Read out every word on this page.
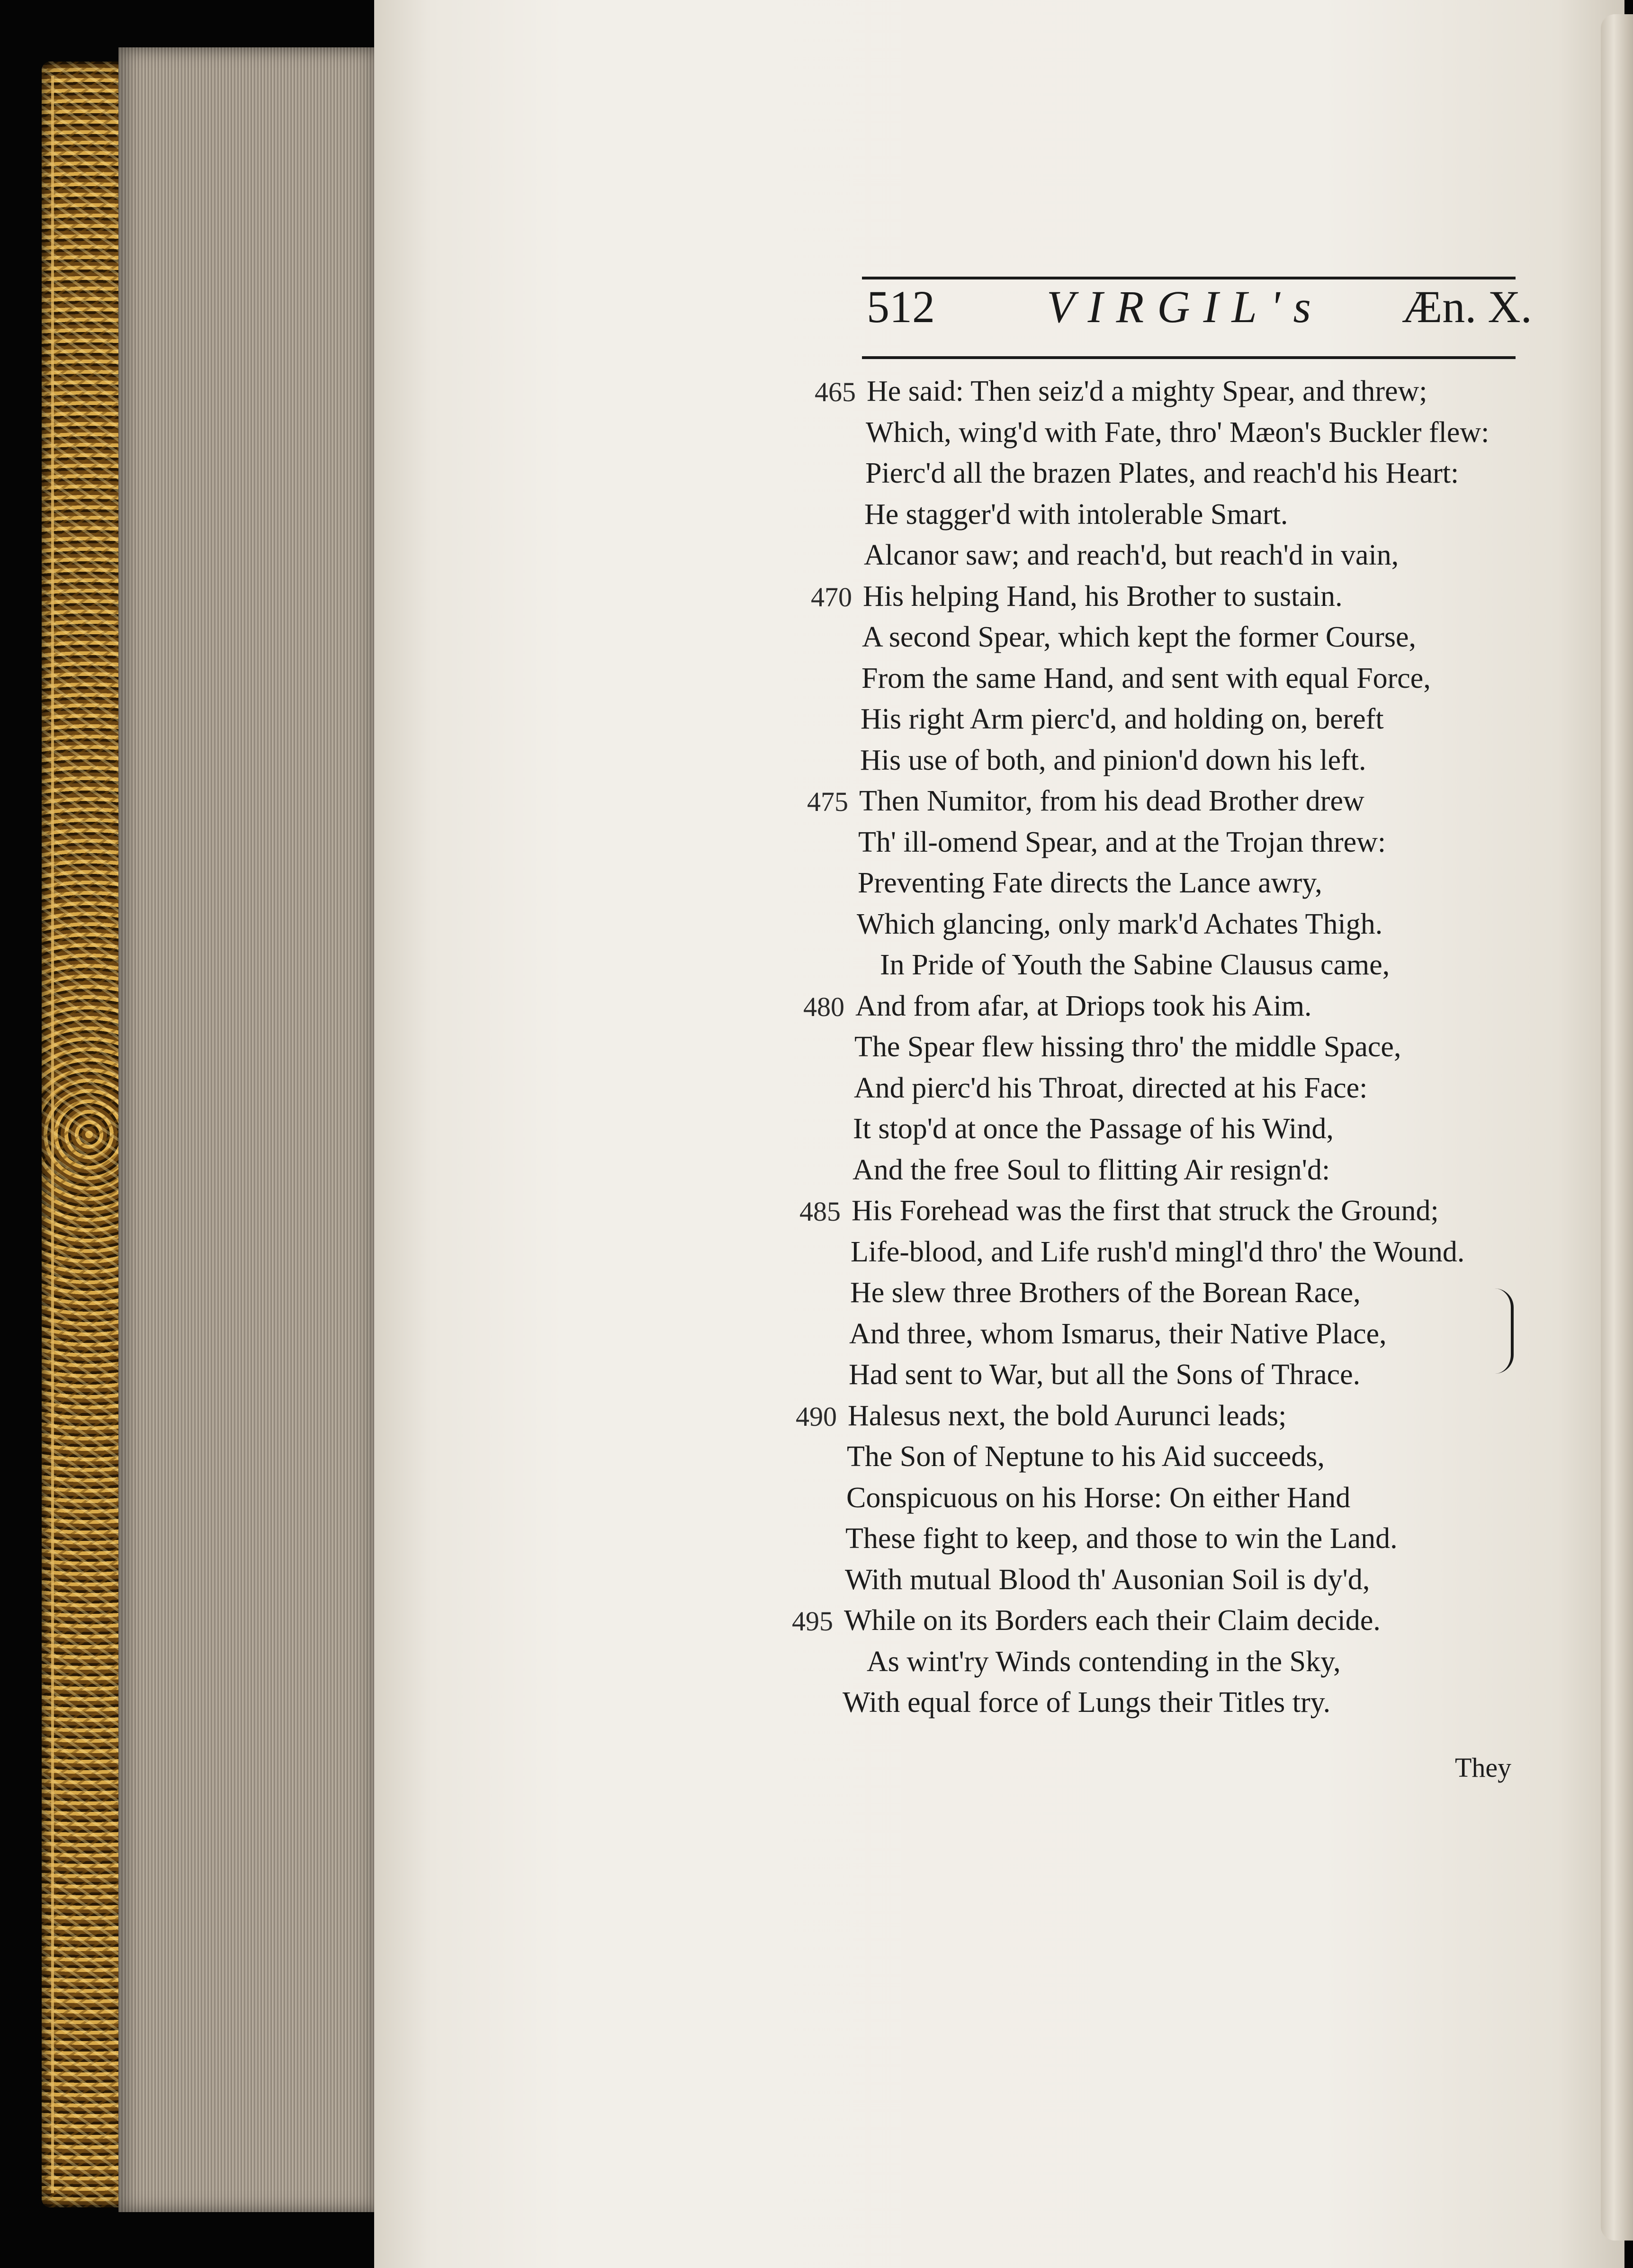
512 VIRGIL's Æn. X.
465 He said: Then seiz'd a mighty Spear, and threw;
Which, wing'd with Fate, thro' Mæon's Buckler flew:
Pierc'd all the brazen Plates, and reach'd his Heart:
He stagger'd with intolerable Smart.
Alcanor saw; and reach'd, but reach'd in vain,
470 His helping Hand, his Brother to sustain.
A second Spear, which kept the former Course,
From the same Hand, and sent with equal Force,
His right Arm pierc'd, and holding on, bereft
His use of both, and pinion'd down his left.
475 Then Numitor, from his dead Brother drew
Th' ill-omend Spear, and at the Trojan threw:
Preventing Fate directs the Lance awry,
Which glancing, only mark'd Achates Thigh.
In Pride of Youth the Sabine Clausus came,
480 And from afar, at Driops took his Aim.
The Spear flew hissing thro' the middle Space,
And pierc'd his Throat, directed at his Face:
It stop'd at once the Passage of his Wind,
And the free Soul to flitting Air resign'd:
485 His Forehead was the first that struck the Ground;
Life-blood, and Life rush'd mingl'd thro' the Wound.
He slew three Brothers of the Borean Race,
And three, whom Ismarus, their Native Place,
Had sent to War, but all the Sons of Thrace.
490 Halesus next, the bold Aurunci leads;
The Son of Neptune to his Aid succeeds,
Conspicuous on his Horse: On either Hand
These fight to keep, and those to win the Land.
With mutual Blood th' Ausonian Soil is dy'd,
495 While on its Borders each their Claim decide.
As wint'ry Winds contending in the Sky,
With equal force of Lungs their Titles try.
They
